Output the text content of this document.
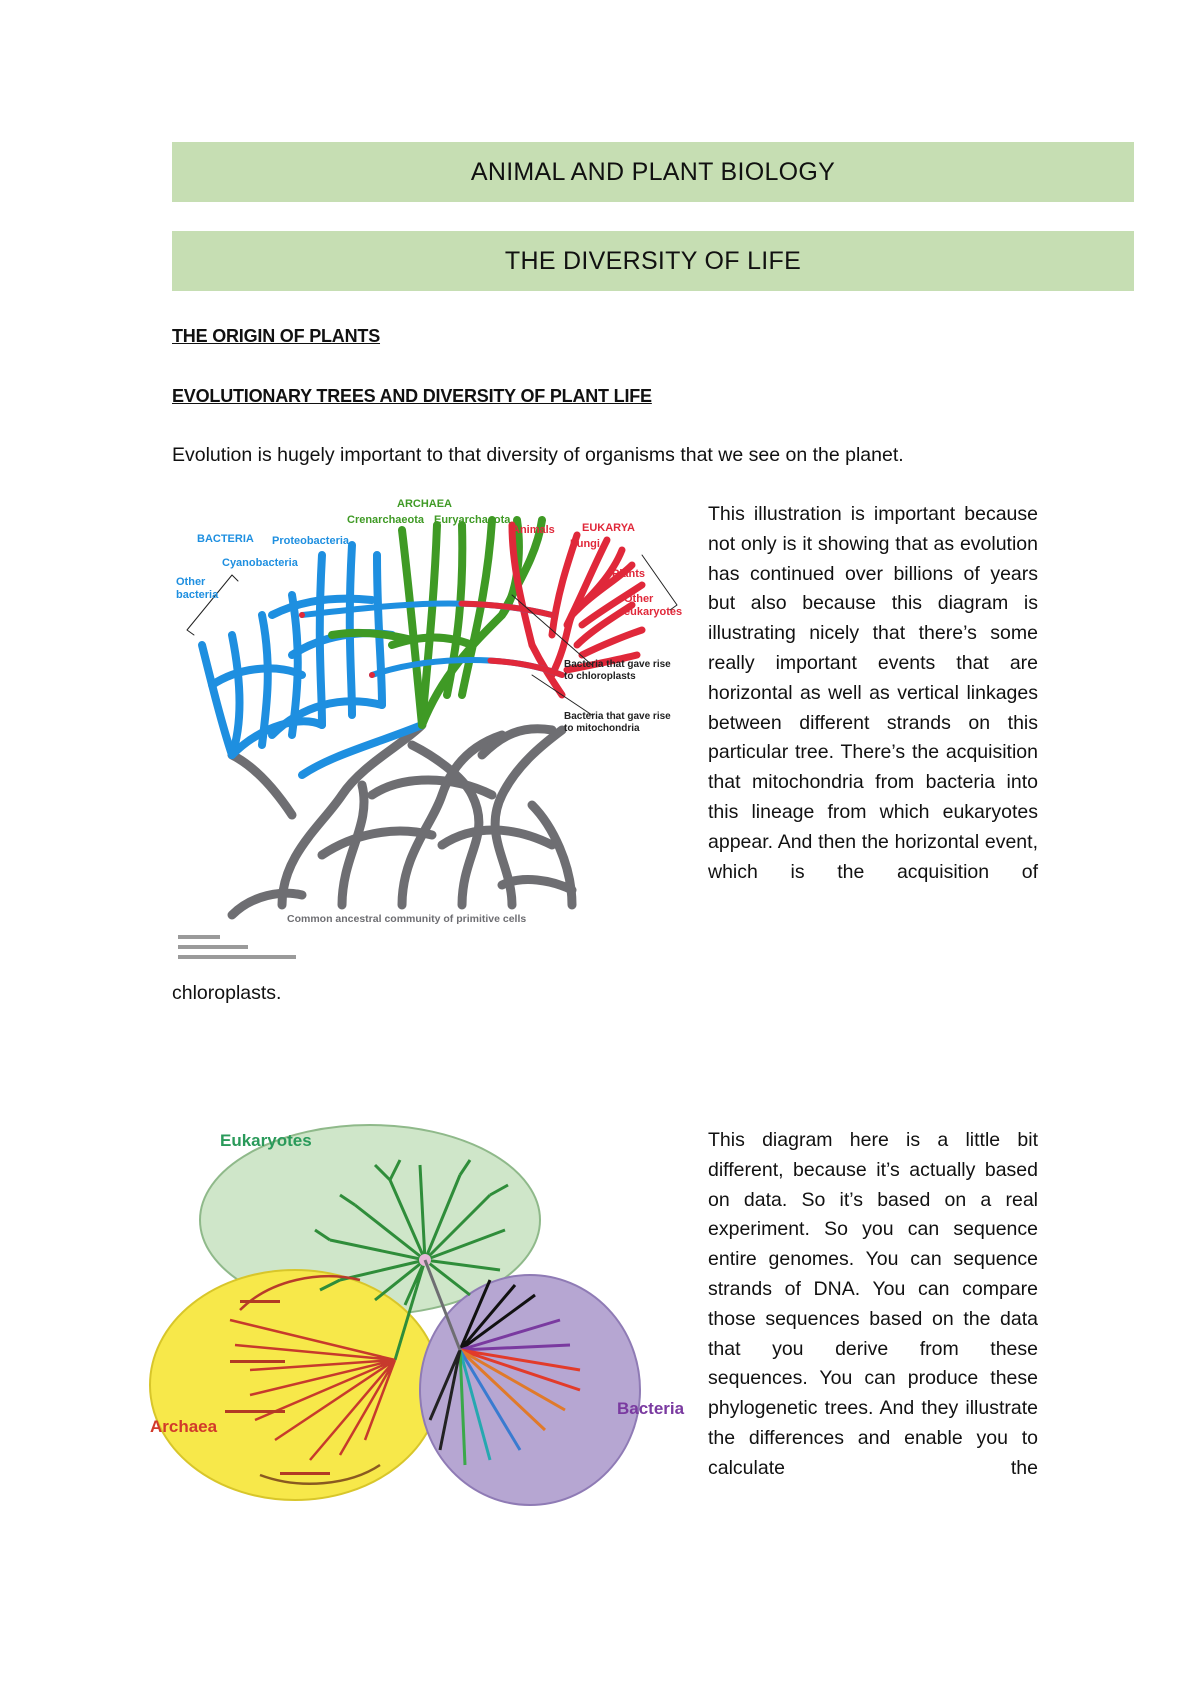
ANIMAL AND PLANT BIOLOGY
THE DIVERSITY OF LIFE
THE ORIGIN OF PLANTS
EVOLUTIONARY TREES AND DIVERSITY OF PLANT LIFE
Evolution is hugely important to that diversity of organisms that we see on the planet.
ARCHAEA
Crenarchaeota Euryarchaeota
BACTERIA Proteobacteria
Cyanobacteria
Other
bacteria
Animals EUKARYA
Fungi
Plants
Other
eukaryotes
Bacteria that gave rise
to chloroplasts
Bacteria that gave rise
to mitochondria
Common ancestral community of primitive cells

This illustration is important because not only is it showing that as evolution has continued over billions of years but also because this diagram is illustrating nicely that there’s some really important events that are horizontal as well as vertical linkages between different strands on this particular tree. There’s the acquisition that mitochondria from bacteria into this lineage from which eukaryotes appear. And then the horizontal event, which is the acquisition of

chloroplasts.
Eukaryotes
Archaea
Bacteria

This diagram here is a little bit different, because it’s actually based on data. So it’s based on a real experiment. So you can sequence entire genomes. You can sequence strands of DNA. You can compare those sequences based on the data that you derive from these sequences. You can produce these phylogenetic trees. And they illustrate the differences and enable you to calculate the
